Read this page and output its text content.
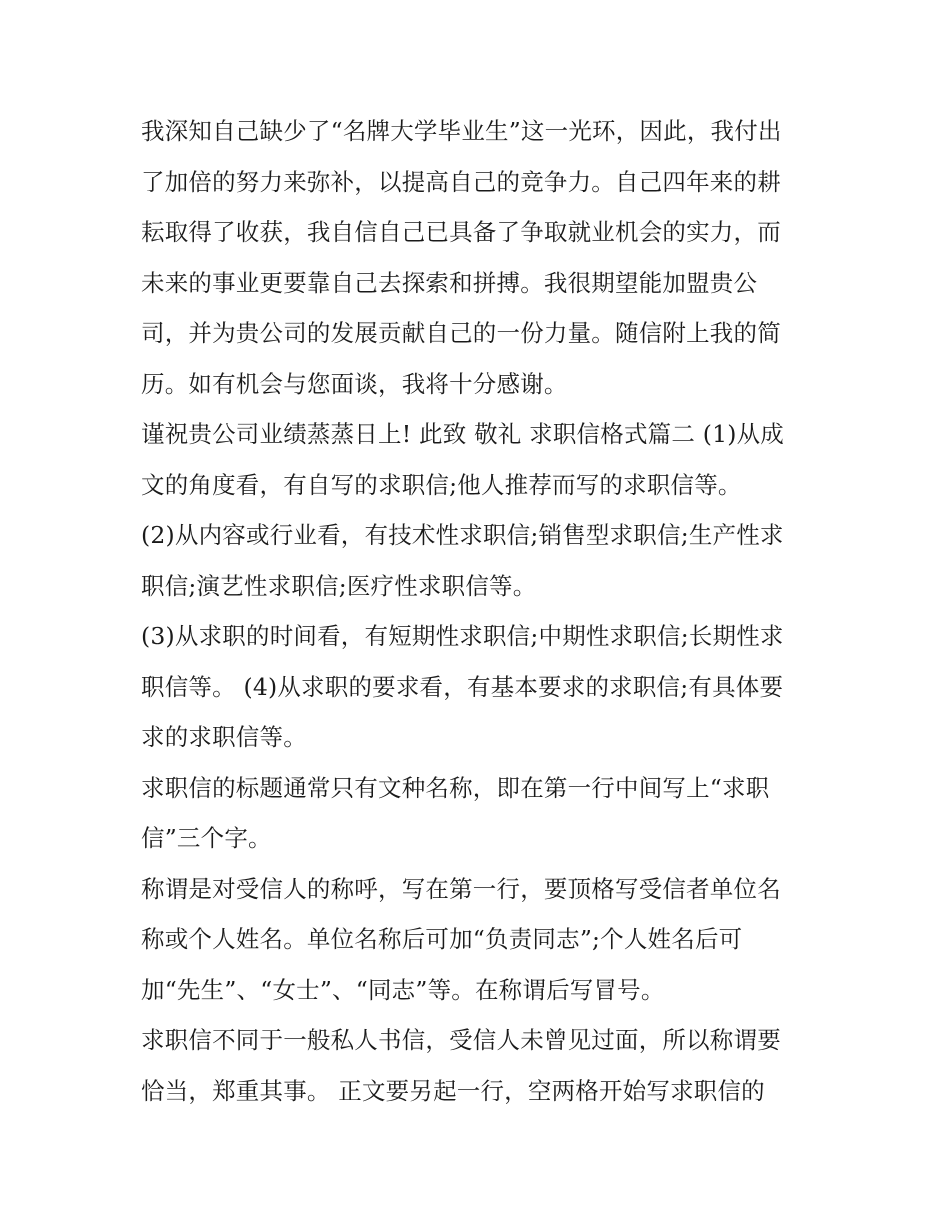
我深知自己缺少了“名牌大学毕业生”这一光环，因此，我付出
了加倍的努力来弥补，以提高自己的竞争力。自己四年来的耕
耘取得了收获，我自信自己已具备了争取就业机会的实力，而
未来的事业更要靠自己去探索和拼搏。我很期望能加盟贵公
司，并为贵公司的发展贡献自己的一份力量。随信附上我的简
历。如有机会与您面谈，我将十分感谢。
谨祝贵公司业绩蒸蒸日上! 此致 敬礼 求职信格式篇二 (1)从成
文的角度看，有自写的求职信;他人推荐而写的求职信等。
(2)从内容或行业看，有技术性求职信;销售型求职信;生产性求
职信;演艺性求职信;医疗性求职信等。
(3)从求职的时间看，有短期性求职信;中期性求职信;长期性求
职信等。 (4)从求职的要求看，有基本要求的求职信;有具体要
求的求职信等。
求职信的标题通常只有文种名称，即在第一行中间写上“求职
信”三个字。
称谓是对受信人的称呼，写在第一行，要顶格写受信者单位名
称或个人姓名。单位名称后可加“负责同志”;个人姓名后可
加“先生”、“女士”、“同志”等。在称谓后写冒号。
求职信不同于一般私人书信，受信人未曾见过面，所以称谓要
恰当，郑重其事。 正文要另起一行，空两格开始写求职信的
